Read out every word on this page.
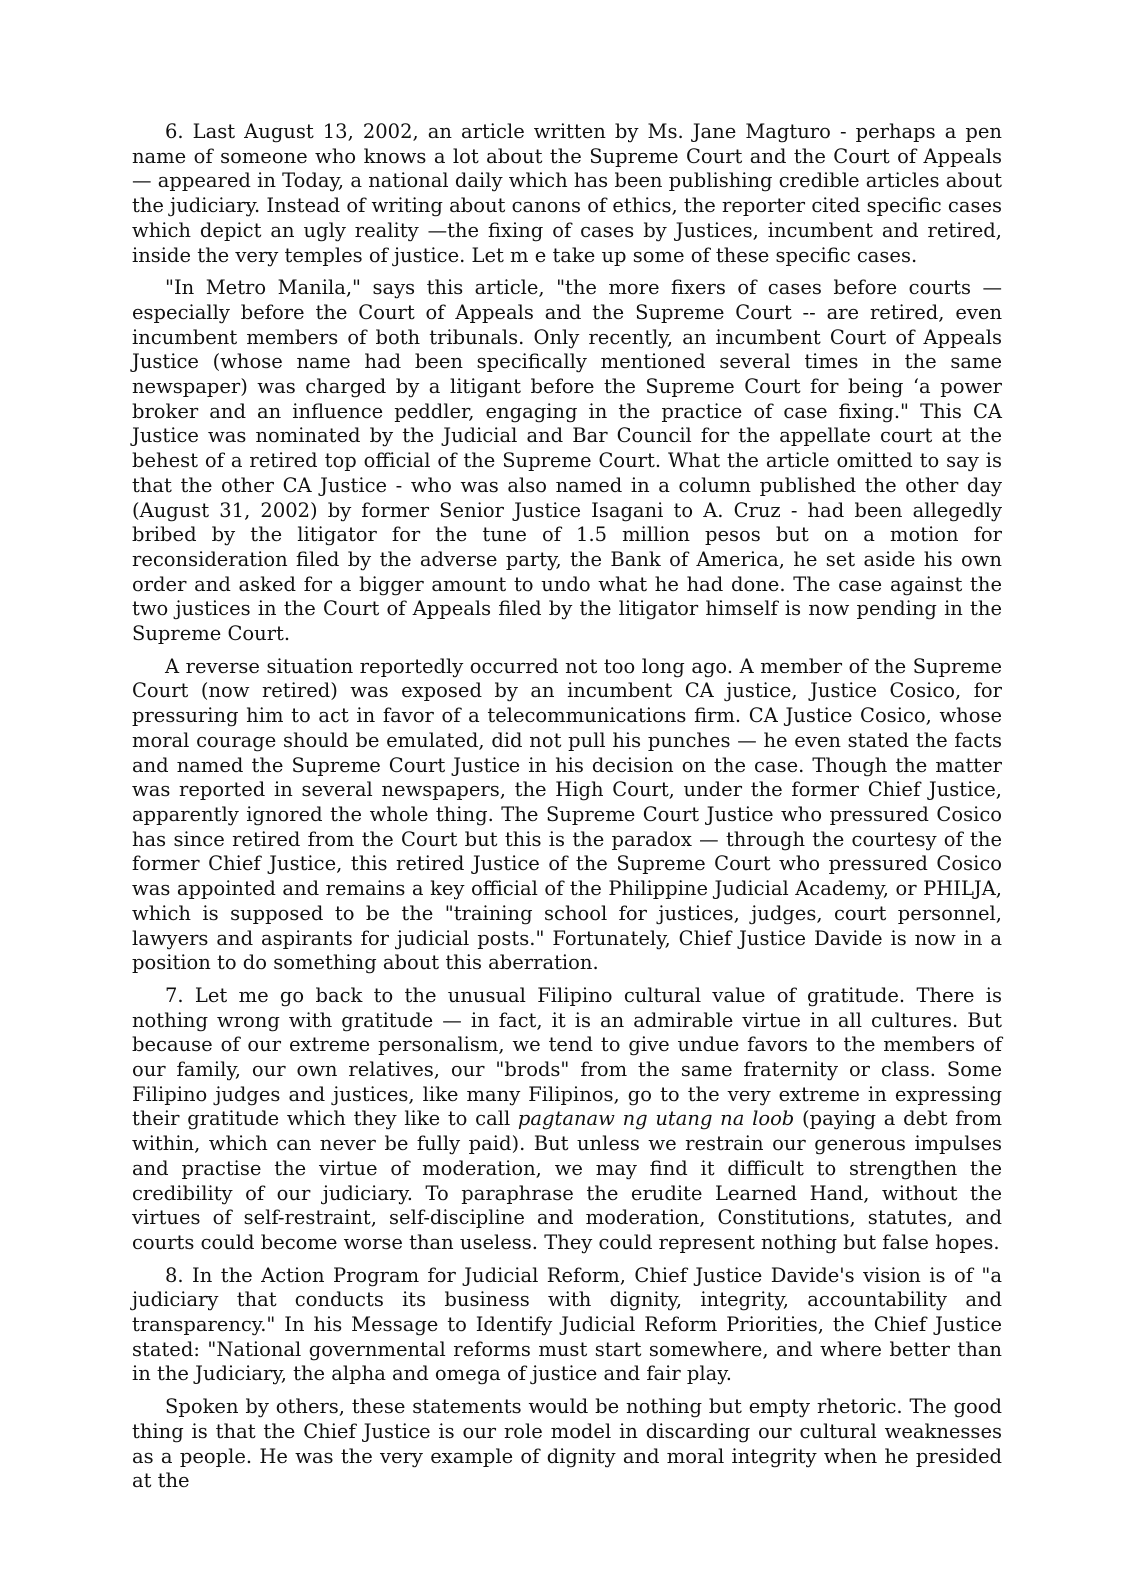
6. Last August 13, 2002, an article written by Ms. Jane Magturo - perhaps a pen name of someone who knows a lot about the Supreme Court and the Court of Appeals — appeared in Today, a national daily which has been publishing credible articles about the judiciary. Instead of writing about canons of ethics, the reporter cited specific cases which depict an ugly reality —the fixing of cases by Justices, incumbent and retired, inside the very temples of justice. Let m e take up some of these specific cases.

"In Metro Manila," says this article, "the more fixers of cases before courts — especially before the Court of Appeals and the Supreme Court -- are retired, even incumbent members of both tribunals. Only recently, an incumbent Court of Appeals Justice (whose name had been specifically mentioned several times in the same newspaper) was charged by a litigant before the Supreme Court for being ‘a power broker and an influence peddler, engaging in the practice of case fixing." This CA Justice was nominated by the Judicial and Bar Council for the appellate court at the behest of a retired top official of the Supreme Court. What the article omitted to say is that the other CA Justice - who was also named in a column published the other day (August 31, 2002) by former Senior Justice Isagani to A. Cruz - had been allegedly bribed by the litigator for the tune of 1.5 million pesos but on a motion for reconsideration filed by the adverse party, the Bank of America, he set aside his own order and asked for a bigger amount to undo what he had done. The case against the two justices in the Court of Appeals filed by the litigator himself is now pending in the Supreme Court.

A reverse situation reportedly occurred not too long ago. A member of the Supreme Court (now retired) was exposed by an incumbent CA justice, Justice Cosico, for pressuring him to act in favor of a telecommunications firm. CA Justice Cosico, whose moral courage should be emulated, did not pull his punches — he even stated the facts and named the Supreme Court Justice in his decision on the case. Though the matter was reported in several newspapers, the High Court, under the former Chief Justice, apparently ignored the whole thing. The Supreme Court Justice who pressured Cosico has since retired from the Court but this is the paradox — through the courtesy of the former Chief Justice, this retired Justice of the Supreme Court who pressured Cosico was appointed and remains a key official of the Philippine Judicial Academy, or PHILJA, which is supposed to be the "training school for justices, judges, court personnel, lawyers and aspirants for judicial posts." Fortunately, Chief Justice Davide is now in a position to do something about this aberration.

7. Let me go back to the unusual Filipino cultural value of gratitude. There is nothing wrong with gratitude — in fact, it is an admirable virtue in all cultures. But because of our extreme personalism, we tend to give undue favors to the members of our family, our own relatives, our "brods" from the same fraternity or class. Some Filipino judges and justices, like many Filipinos, go to the very extreme in expressing their gratitude which they like to call pagtanaw ng utang na loob (paying a debt from within, which can never be fully paid). But unless we restrain our generous impulses and practise the virtue of moderation, we may find it difficult to strengthen the credibility of our judiciary. To paraphrase the erudite Learned Hand, without the virtues of self-restraint, self-discipline and moderation, Constitutions, statutes, and courts could become worse than useless. They could represent nothing but false hopes.

8. In the Action Program for Judicial Reform, Chief Justice Davide's vision is of "a judiciary that conducts its business with dignity, integrity, accountability and transparency." In his Message to Identify Judicial Reform Priorities, the Chief Justice stated: "National governmental reforms must start somewhere, and where better than in the Judiciary, the alpha and omega of justice and fair play.

Spoken by others, these statements would be nothing but empty rhetoric. The good thing is that the Chief Justice is our role model in discarding our cultural weaknesses as a people. He was the very example of dignity and moral integrity when he presided at the
